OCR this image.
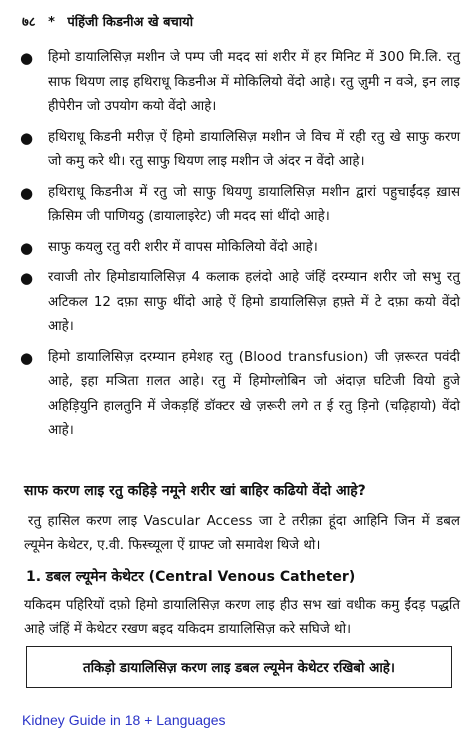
७८ * पंहिंजी किडनीअ खे बचायो
● हिमो डायालिसिज़ मशीन जे पम्प जी मदद सां शरीर में हर मिनिट में 300 मि.लि. रतु साफ थियण लाइ हथिराधू किडनीअ में मोकिलियो वेंदो आहे। रतु ज़ुमी न वञे, इन लाइ हीपेरीन जो उपयोग कयो वेंदो आहे।
● हथिराधू किडनी मरीज़ ऐं हिमो डायालिसिज़ मशीन जे विच में रही रतु खे साफु करण जो कमु करे थी। रतु साफु थियण लाइ मशीन जे अंदर न वेंदो आहे।
● हथिराधू किडनीअ में रतु जो साफु थियणु डायालिसिज़ मशीन द्वारां पहुचाईंदड़ ख़ास क़िसिम जी पाणियठु (डायालाइरेट) जी मदद सां थींदो आहे।
● साफु कयलु रतु वरी शरीर में वापस मोकिलियो वेंदो आहे।
● रवाजी तोर हिमोडायालिसिज़ 4 कलाक हलंदो आहे जंहिं दरम्यान शरीर जो सभु रतु अटिकल 12 दफ़ा साफु थींदो आहे ऐं हिमो डायालिसिज़ हफ़्ते में टे दफ़ा कयो वेंदो आहे।
● हिमो डायालिसिज़ दरम्यान हमेशह रतु (Blood transfusion) जी ज़रूरत पवंदी आहे, इहा मञिता ग़लत आहे। रतु में हिमोग्लोबिन जो अंदाज़ घटिजी वियो हुजे अहिड़ियुनि हालतुनि में जेकड़हिं डॉक्टर खे ज़रूरी लगे त ई रतु ड़िनो (चढ़िहायो) वेंदो आहे।
साफ करण लाइ रतु कहिड़े नमूने शरीर खां बाहिर कढियो वेंदो आहे?
रतु हासिल करण लाइ Vascular Access जा टे तरीक़ा हूंदा आहिनि जिन में डबल ल्यूमेन केथेटर, ए.वी. फिस्च्यूला ऐं ग्राफ्ट जो समावेश थिजे थो।
1. डबल ल्यूमेन केथेटर (Central Venous Catheter)
यकिदम पहिरियों दफ़ो हिमो डायालिसिज़ करण लाइ हीउ सभ खां वधीक कमु ईंदड़ पद्धति आहे जंहिं में केथेटर रखण बइद यकिदम डायालिसिज़ करे सघिजे थो।
तकिड़ो डायालिसिज़ करण लाइ डबल ल्यूमेन केथेटर रखिबो आहे।
Kidney Guide in 18 + Languages
